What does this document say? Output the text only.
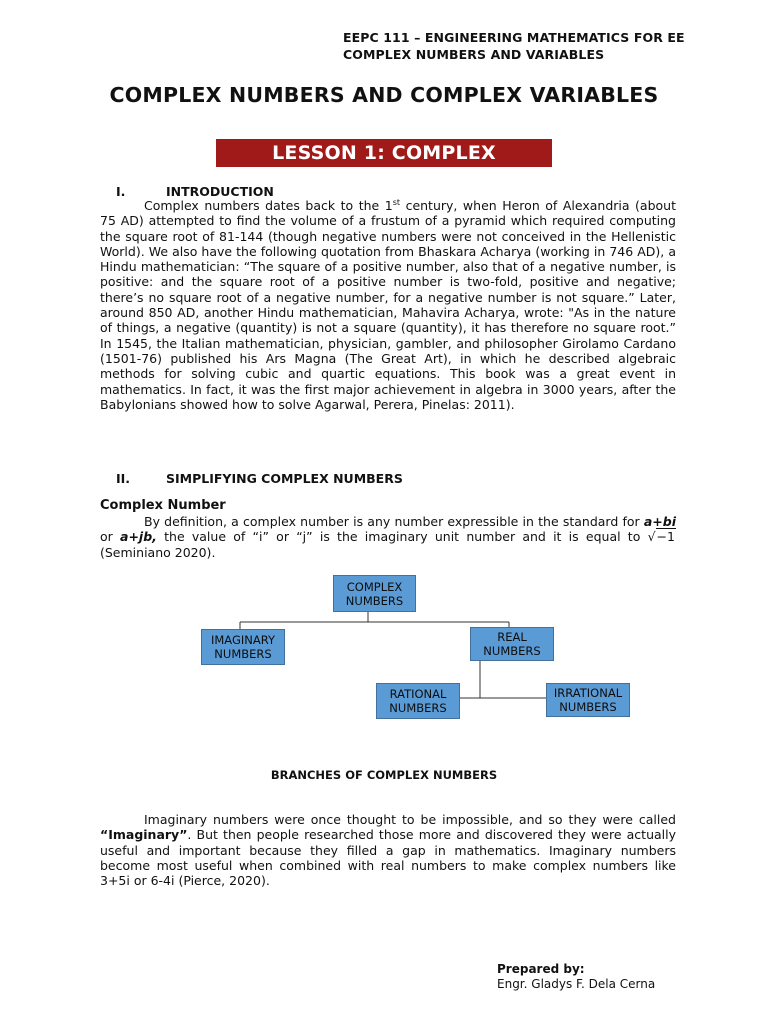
EEPC 111 – ENGINEERING MATHEMATICS FOR EE
COMPLEX NUMBERS AND VARIABLES
COMPLEX NUMBERS AND COMPLEX VARIABLES
LESSON 1: COMPLEX NUMBERS
I.	INTRODUCTION
Complex numbers dates back to the 1st century, when Heron of Alexandria (about 75 AD) attempted to find the volume of a frustum of a pyramid which required computing the square root of 81-144 (though negative numbers were not conceived in the Hellenistic World). We also have the following quotation from Bhaskara Acharya (working in 746 AD), a Hindu mathematician: “The square of a positive number, also that of a negative number, is positive: and the square root of a positive number is two-fold, positive and negative; there’s no square root of a negative number, for a negative number is not square.” Later, around 850 AD, another Hindu mathematician, Mahavira Acharya, wrote: "As in the nature of things, a negative (quantity) is not a square (quantity), it has therefore no square root.” In 1545, the Italian mathematician, physician, gambler, and philosopher Girolamo Cardano (1501-76) published his Ars Magna (The Great Art), in which he described algebraic methods for solving cubic and quartic equations. This book was a great event in mathematics. In fact, it was the first major achievement in algebra in 3000 years, after the Babylonians showed how to solve Agarwal, Perera, Pinelas: 2011).
II.	SIMPLIFYING COMPLEX NUMBERS
Complex Number
By definition, a complex number is any number expressible in the standard for a+bi or a+jb, the value of “i” or “j” is the imaginary unit number and it is equal to √−1 (Seminiano 2020).
COMPLEX NUMBERS
IMAGINARY NUMBERS
REAL NUMBERS
RATIONAL NUMBERS
IRRATIONAL NUMBERS
BRANCHES OF COMPLEX NUMBERS
Imaginary numbers were once thought to be impossible, and so they were called “Imaginary”. But then people researched those more and discovered they were actually useful and important because they filled a gap in mathematics. Imaginary numbers become most useful when combined with real numbers to make complex numbers like 3+5i or 6-4i (Pierce, 2020).
Prepared by:
Engr. Gladys F. Dela Cerna
